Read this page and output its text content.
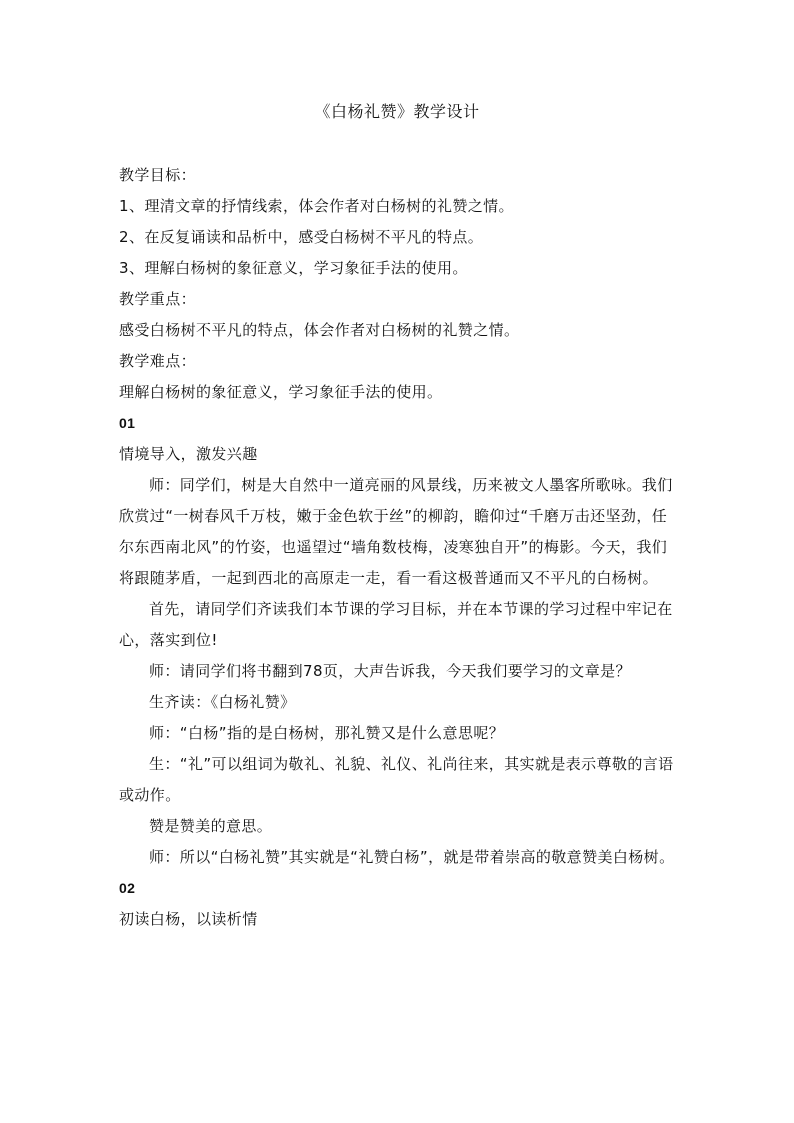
《白杨礼赞》教学设计

教学目标：

1、理清文章的抒情线索，体会作者对白杨树的礼赞之情。

2、在反复诵读和品析中，感受白杨树不平凡的特点。

3、理解白杨树的象征意义，学习象征手法的使用。

教学重点：

感受白杨树不平凡的特点，体会作者对白杨树的礼赞之情。

教学难点：

理解白杨树的象征意义，学习象征手法的使用。

01

情境导入，激发兴趣

师：同学们，树是大自然中一道亮丽的风景线，历来被文人墨客所歌咏。我们欣赏过“一树春风千万枝，嫩于金色软于丝”的柳韵，瞻仰过“千磨万击还坚劲，任尔东西南北风”的竹姿，也遥望过“墙角数枝梅，凌寒独自开”的梅影。今天，我们将跟随茅盾，一起到西北的高原走一走，看一看这极普通而又不平凡的白杨树。

首先，请同学们齐读我们本节课的学习目标，并在本节课的学习过程中牢记在心，落实到位!

师：请同学们将书翻到78页，大声告诉我，今天我们要学习的文章是？

生齐读：《白杨礼赞》

师：“白杨”指的是白杨树，那礼赞又是什么意思呢？

生：“礼”可以组词为敬礼、礼貌、礼仪、礼尚往来，其实就是表示尊敬的言语或动作。

赞是赞美的意思。

师：所以“白杨礼赞”其实就是“礼赞白杨”，就是带着崇高的敬意赞美白杨树。

02

初读白杨，以读析情
